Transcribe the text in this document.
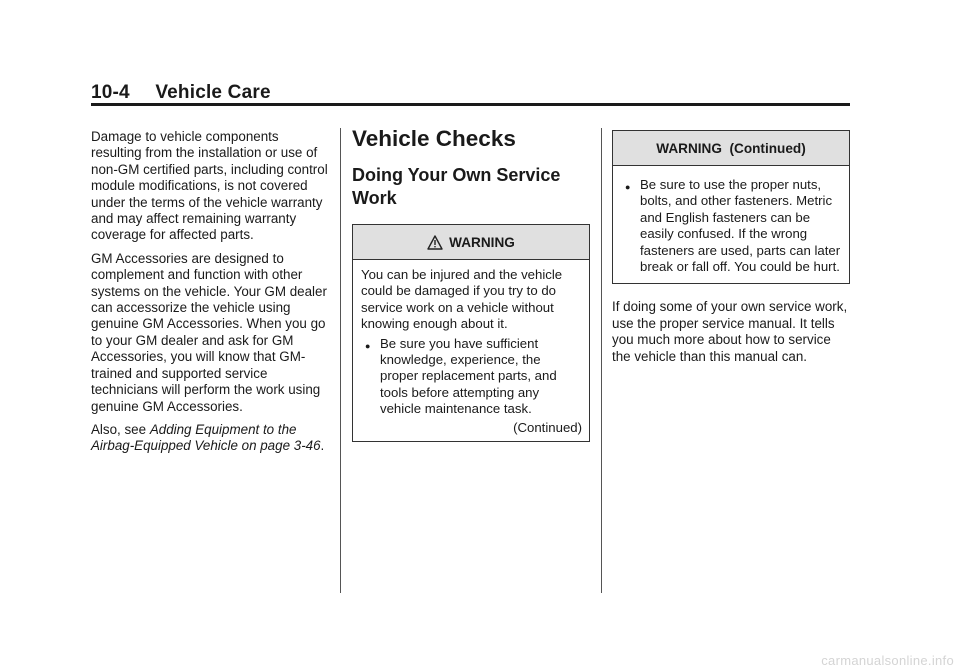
10-4 Vehicle Care

Damage to vehicle components resulting from the installation or use of non-GM certified parts, including control module modifications, is not covered under the terms of the vehicle warranty and may affect remaining warranty coverage for affected parts.

GM Accessories are designed to complement and function with other systems on the vehicle. Your GM dealer can accessorize the vehicle using genuine GM Accessories. When you go to your GM dealer and ask for GM Accessories, you will know that GM-trained and supported service technicians will perform the work using genuine GM Accessories.

Also, see Adding Equipment to the Airbag-Equipped Vehicle on page 3-46.

Vehicle Checks
Doing Your Own Service Work
WARNING

You can be injured and the vehicle could be damaged if you try to do service work on a vehicle without knowing enough about it.

● Be sure you have sufficient knowledge, experience, the proper replacement parts, and tools before attempting any vehicle maintenance task.
(Continued)
WARNING  (Continued)
● Be sure to use the proper nuts, bolts, and other fasteners. Metric and English fasteners can be easily confused. If the wrong fasteners are used, parts can later break or fall off. You could be hurt.
If doing some of your own service work, use the proper service manual. It tells you much more about how to service the vehicle than this manual can.
carmanualsonline.info
